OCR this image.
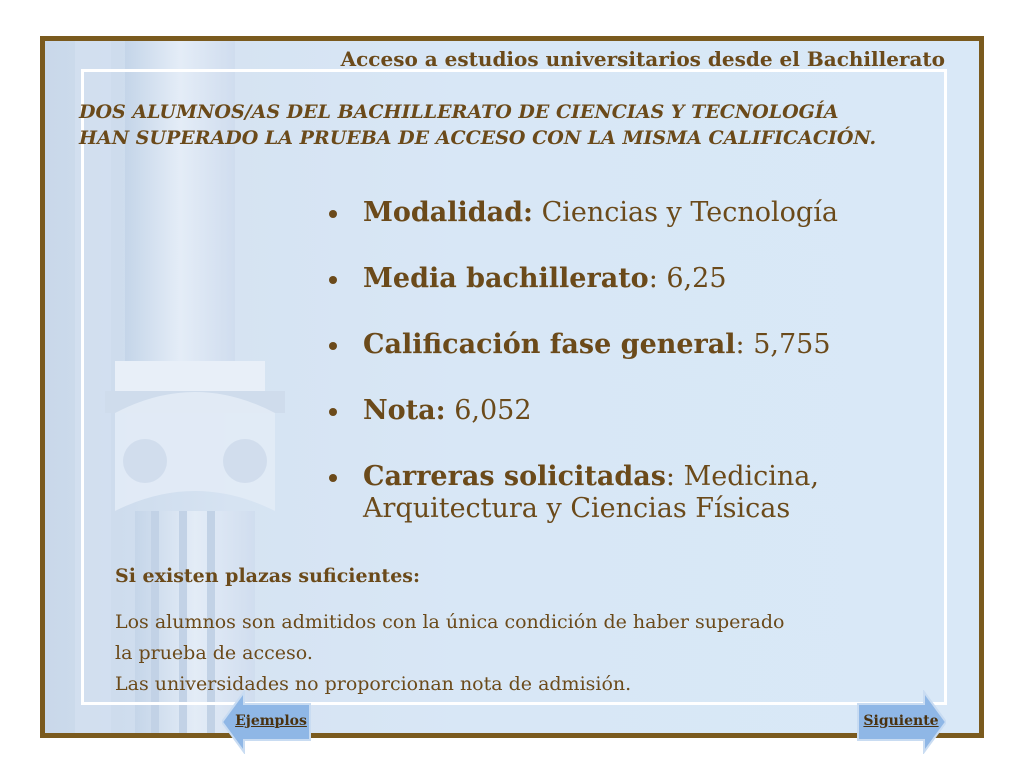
Acceso a estudios universitarios desde el Bachillerato
DOS ALUMNOS/AS DEL BACHILLERATO DE CIENCIAS Y TECNOLOGÍA
HAN SUPERADO LA PRUEBA DE ACCESO CON LA MISMA CALIFICACIÓN.
Modalidad: Ciencias y Tecnología
Media bachillerato: 6,25
Calificación fase general: 5,755
Nota: 6,052
Carreras solicitadas: Medicina,
Arquitectura y Ciencias Físicas
Si existen plazas suficientes:
Los alumnos son admitidos con la única condición de haber superado
la prueba de acceso.
Las universidades no proporcionan nota de admisión.
Ejemplos	Siguiente
